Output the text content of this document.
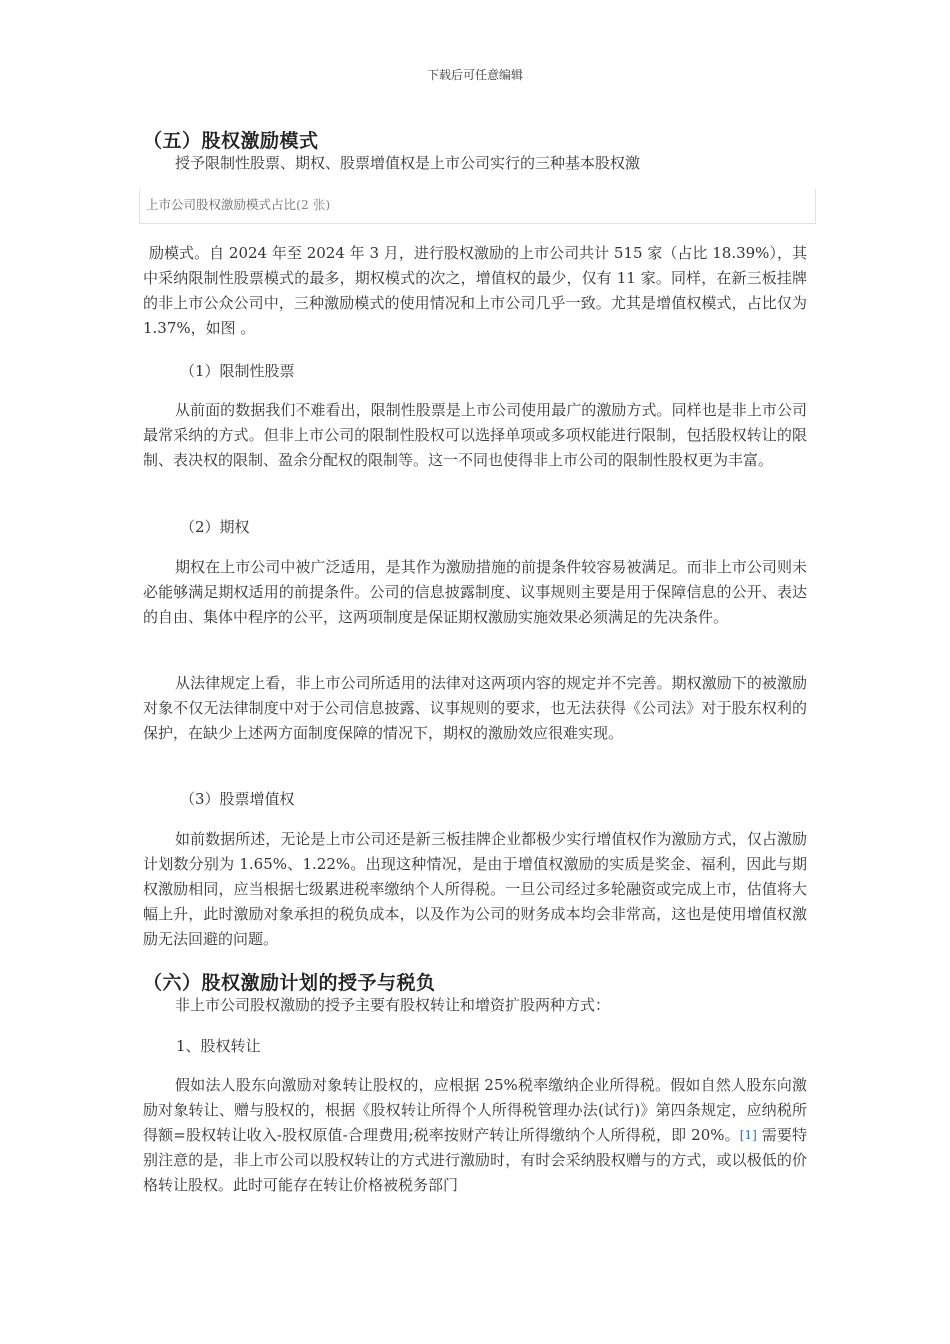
下载后可任意编辑
（五）股权激励模式
授予限制性股票、期权、股票增值权是上市公司实行的三种基本股权激
上市公司股权激励模式占比(2 张)
励模式。自 2024 年至 2024 年 3 月，进行股权激励的上市公司共计 515 家（占比 18.39%），其中采纳限制性股票模式的最多，期权模式的次之，增值权的最少，仅有 11 家。同样，在新三板挂牌的非上市公众公司中，三种激励模式的使用情况和上市公司几乎一致。尤其是增值权模式，占比仅为 1.37%，如图 。
（1）限制性股票
从前面的数据我们不难看出，限制性股票是上市公司使用最广的激励方式。同样也是非上市公司最常采纳的方式。但非上市公司的限制性股权可以选择单项或多项权能进行限制，包括股权转让的限制、表决权的限制、盈余分配权的限制等。这一不同也使得非上市公司的限制性股权更为丰富。
（2）期权
期权在上市公司中被广泛适用，是其作为激励措施的前提条件较容易被满足。而非上市公司则未必能够满足期权适用的前提条件。公司的信息披露制度、议事规则主要是用于保障信息的公开、表达的自由、集体中程序的公平，这两项制度是保证期权激励实施效果必须满足的先决条件。
从法律规定上看，非上市公司所适用的法律对这两项内容的规定并不完善。期权激励下的被激励对象不仅无法律制度中对于公司信息披露、议事规则的要求，也无法获得《公司法》对于股东权利的保护，在缺少上述两方面制度保障的情况下，期权的激励效应很难实现。
（3）股票增值权
如前数据所述，无论是上市公司还是新三板挂牌企业都极少实行增值权作为激励方式，仅占激励计划数分别为 1.65%、1.22%。出现这种情况，是由于增值权激励的实质是奖金、福利，因此与期权激励相同，应当根据七级累进税率缴纳个人所得税。一旦公司经过多轮融资或完成上市，估值将大幅上升，此时激励对象承担的税负成本，以及作为公司的财务成本均会非常高，这也是使用增值权激励无法回避的问题。
（六）股权激励计划的授予与税负
非上市公司股权激励的授予主要有股权转让和增资扩股两种方式：
1、股权转让
假如法人股东向激励对象转让股权的，应根据 25%税率缴纳企业所得税。假如自然人股东向激励对象转让、赠与股权的，根据《股权转让所得个人所得税管理办法(试行)》第四条规定，应纳税所得额=股权转让收入-股权原值-合理费用;税率按财产转让所得缴纳个人所得税，即 20%。[1] 需要特别注意的是，非上市公司以股权转让的方式进行激励时，有时会采纳股权赠与的方式，或以极低的价格转让股权。此时可能存在转让价格被税务部门
